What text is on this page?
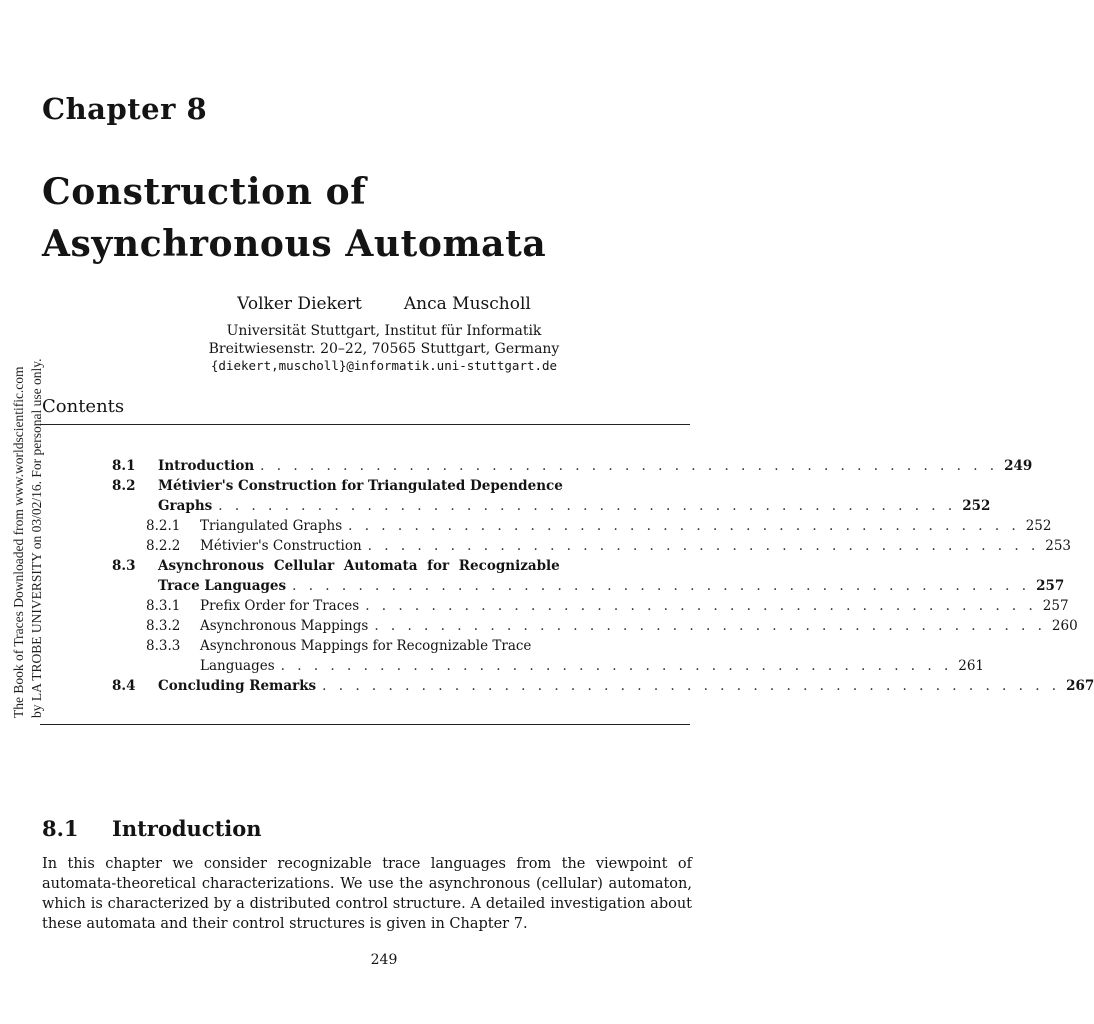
The Book of Traces Downloaded from www.worldscientific.com by LA TROBE UNIVERSITY on 03/02/16. For personal use only.
Chapter 8
Construction of
Asynchronous Automata
Volker Diekert Anca Muscholl
Universität Stuttgart, Institut für Informatik
Breitwiesenstr. 20–22, 70565 Stuttgart, Germany
{diekert,muscholl}@informatik.uni-stuttgart.de
Contents
8.1	Introduction . . . . . . . . . . . . . . . . . . . . . . . . . . . . . . . . . . . . . . . . . . . . . 249
8.2	Métivier's Construction for Triangulated Dependence
Graphs . . . . . . . . . . . . . . . . . . . . . . . . . . . . . . . . . . . . . . . . . . . . . 252
8.2.1	Triangulated Graphs . . . . . . . . . . . . . . . . . . . . . . . . . . . . . . . . . . . . . . . . . 252
8.2.2	Métivier's Construction . . . . . . . . . . . . . . . . . . . . . . . . . . . . . . . . . . . . . . . . . 253
8.3	Asynchronous Cellular Automata for Recognizable
Trace Languages . . . . . . . . . . . . . . . . . . . . . . . . . . . . . . . . . . . . . . . . . . . . . 257
8.3.1	Prefix Order for Traces . . . . . . . . . . . . . . . . . . . . . . . . . . . . . . . . . . . . . . . . . 257
8.3.2	Asynchronous Mappings . . . . . . . . . . . . . . . . . . . . . . . . . . . . . . . . . . . . . . . . . 260
8.3.3	Asynchronous Mappings for Recognizable Trace
Languages . . . . . . . . . . . . . . . . . . . . . . . . . . . . . . . . . . . . . . . . . 261
8.4	Concluding Remarks . . . . . . . . . . . . . . . . . . . . . . . . . . . . . . . . . . . . . . . . . . . . . 267
8.1 Introduction
In this chapter we consider recognizable trace languages from the viewpoint of automata-theoretical characterizations. We use the asynchronous (cellular) automaton, which is characterized by a distributed control structure. A detailed investigation about these automata and their control structures is given in Chapter 7.
249
